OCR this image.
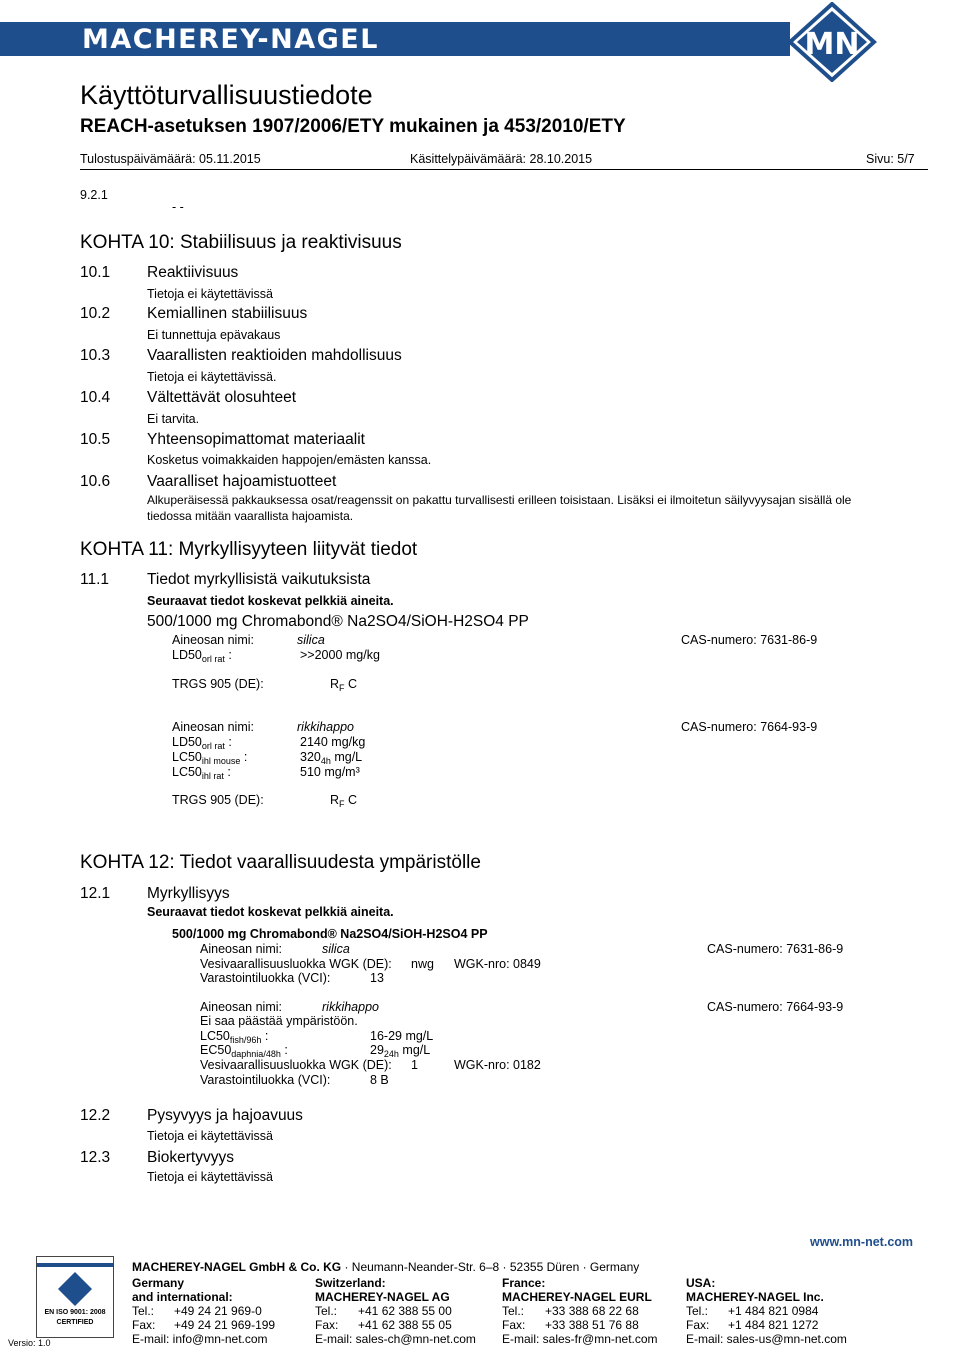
MACHEREY-NAGEL	MN
Käyttöturvallisuustiedote
REACH-asetuksen 1907/2006/ETY mukainen ja 453/2010/ETY
Tulostuspäivämäärä: 05.11.2015	Käsittelypäivämäärä: 28.10.2015	Sivu: 5/7
9.2.1
- -
KOHTA 10: Stabiilisuus ja reaktivisuus
10.1 Reaktiivisuus
Tietoja ei käytettävissä
10.2 Kemiallinen stabiilisuus
Ei tunnettuja epävakaus
10.3 Vaarallisten reaktioiden mahdollisuus
Tietoja ei käytettävissä.
10.4 Vältettävät olosuhteet
Ei tarvita.
10.5 Yhteensopimattomat materiaalit
Kosketus voimakkaiden happojen/emästen kanssa.
10.6 Vaaralliset hajoamistuotteet
Alkuperäisessä pakkauksessa osat/reagenssit on pakattu turvallisesti erilleen toisistaan. Lisäksi ei ilmoitetun säilyvyysajan sisällä ole
tiedossa mitään vaarallista hajoamista.
KOHTA 11: Myrkyllisyyteen liityvät tiedot
11.1 Tiedot myrkyllisistä vaikutuksista
Seuraavat tiedot koskevat pelkkiä aineita.
500/1000 mg Chromabond® Na2SO4/SiOH-H2SO4 PP
Aineosan nimi:	silica	CAS-numero: 7631-86-9
$LD50_{orl rat}$ :	>>2000 mg/kg
TRGS 905 (DE):	$R_F$ C
Aineosan nimi:	rikkihappo	CAS-numero: 7664-93-9
$LD50_{orl rat}$ :	2140 mg/kg
$LC50_{ihl mouse}$ :	$320_{4h}$ mg/L
$LC50_{ihl rat}$ :	510 mg/m³
TRGS 905 (DE):	$R_F$ C
KOHTA 12: Tiedot vaarallisuudesta ympäristölle
12.1 Myrkyllisyys
Seuraavat tiedot koskevat pelkkiä aineita.
500/1000 mg Chromabond® Na2SO4/SiOH-H2SO4 PP
Aineosan nimi:	silica	CAS-numero: 7631-86-9
Vesivaarallisuusluokka WGK (DE): nwg WGK-nro: 0849
Varastointiluokka (VCI):	13
Aineosan nimi:	rikkihappo	CAS-numero: 7664-93-9
Ei saa päästää ympäristöön.
$LC50_{fish/96h}$ :	16-29 mg/L
$EC50_{daphnia/48h}$ :	$29_{24h}$ mg/L
Vesivaarallisuusluokka WGK (DE): 1	WGK-nro: 0182
Varastointiluokka (VCI):	8 B
12.2 Pysyvyys ja hajoavuus
Tietoja ei käytettävissä
12.3 Biokertyvyys
Tietoja ei käytettävissä
www.mn-net.com
EN ISO 9001: 2008
CERTIFIED
Versio: 1.0
MACHEREY-NAGEL GmbH & Co. KG · Neumann-Neander-Str. 6–8 · 52355 Düren · Germany
Germany
and international:
Tel.: +49 24 21 969-0
Fax: +49 24 21 969-199
E-mail: info@mn-net.com
Switzerland:
MACHEREY-NAGEL AG
Tel.: +41 62 388 55 00
Fax: +41 62 388 55 05
E-mail: sales-ch@mn-net.com
France:
MACHEREY-NAGEL EURL
Tel.: +33 388 68 22 68
Fax: +33 388 51 76 88
E-mail: sales-fr@mn-net.com
USA:
MACHEREY-NAGEL Inc.
Tel.: +1 484 821 0984
Fax: +1 484 821 1272
E-mail: sales-us@mn-net.com
